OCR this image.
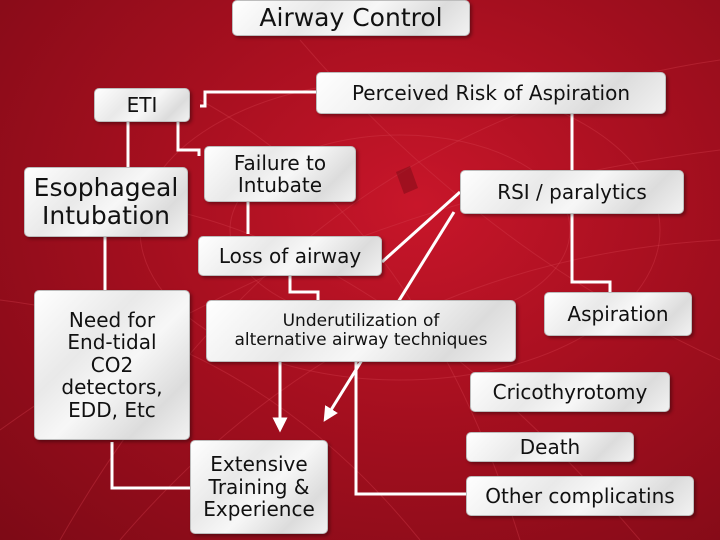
Airway Control
ETI	Perceived Risk of Aspiration
Esophageal
Intubation
Failure to
Intubate	RSI / paralytics
Loss of airway
Need for
End-tidal
CO2
detectors,
EDD, Etc
Underutilization of
alternative airway techniques
Aspiration
Cricothyrotomy
Extensive
Training &
Experience
Death
Other complicatins
